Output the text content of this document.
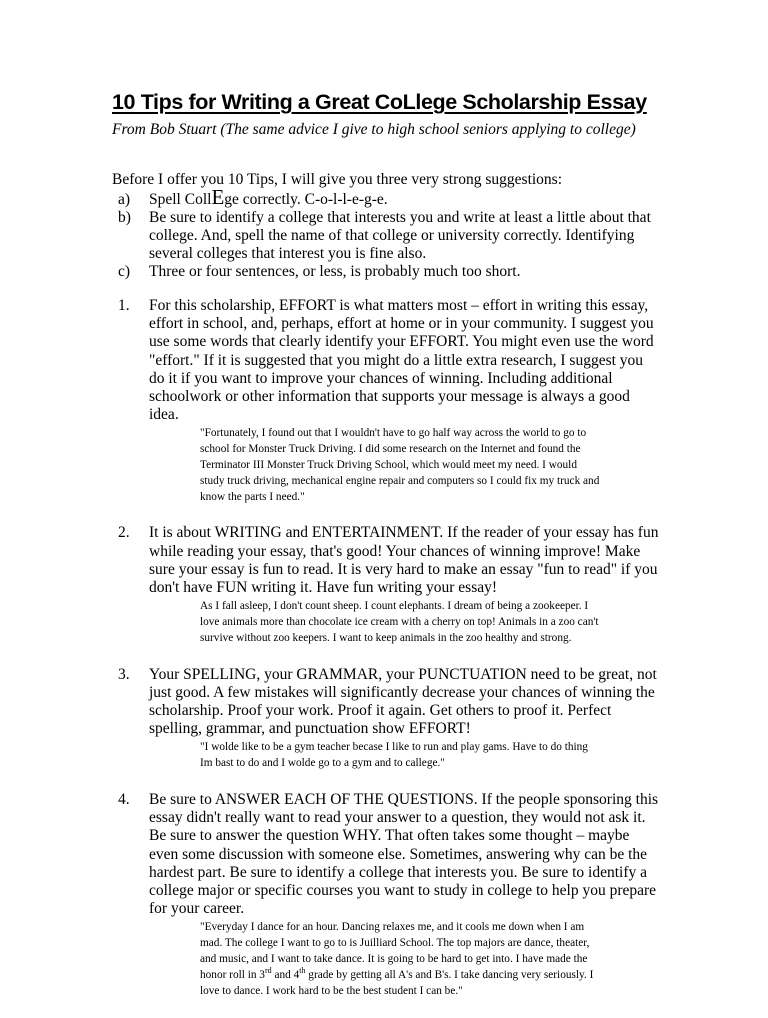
10 Tips for Writing a Great CoLlege Scholarship Essay

From Bob Stuart (The same advice I give to high school seniors applying to college)

Before I offer you 10 Tips, I will give you three very strong suggestions:

a)	Spell CollEge correctly. C-o-l-l-e-g-e.
b)	Be sure to identify a college that interests you and write at least a little about that college. And, spell the name of that college or university correctly. Identifying several colleges that interest you is fine also.
c)	Three or four sentences, or less, is probably much too short.
1. For this scholarship, EFFORT is what matters most – effort in writing this essay, effort in school, and, perhaps, effort at home or in your community. I suggest you use some words that clearly identify your EFFORT. You might even use the word "effort." If it is suggested that you might do a little extra research, I suggest you do it if you want to improve your chances of winning. Including additional schoolwork or other information that supports your message is always a good idea.
"Fortunately, I found out that I wouldn't have to go half way across the world to go to school for Monster Truck Driving. I did some research on the Internet and found the Terminator III Monster Truck Driving School, which would meet my need. I would study truck driving, mechanical engine repair and computers so I could fix my truck and know the parts I need."
2. It is about WRITING and ENTERTAINMENT. If the reader of your essay has fun while reading your essay, that's good! Your chances of winning improve! Make sure your essay is fun to read. It is very hard to make an essay "fun to read" if you don't have FUN writing it. Have fun writing your essay!
As I fall asleep, I don't count sheep. I count elephants. I dream of being a zookeeper. I love animals more than chocolate ice cream with a cherry on top! Animals in a zoo can't survive without zoo keepers. I want to keep animals in the zoo healthy and strong.
3. Your SPELLING, your GRAMMAR, your PUNCTUATION need to be great, not just good. A few mistakes will significantly decrease your chances of winning the scholarship. Proof your work. Proof it again. Get others to proof it. Perfect spelling, grammar, and punctuation show EFFORT!
"I wolde like to be a gym teacher becase I like to run and play gams. Have to do thing Im bast to do and I wolde go to a gym and to callege."
4. Be sure to ANSWER EACH OF THE QUESTIONS. If the people sponsoring this essay didn't really want to read your answer to a question, they would not ask it. Be sure to answer the question WHY. That often takes some thought – maybe even some discussion with someone else. Sometimes, answering why can be the hardest part. Be sure to identify a college that interests you. Be sure to identify a college major or specific courses you want to study in college to help you prepare for your career.
"Everyday I dance for an hour. Dancing relaxes me, and it cools me down when I am mad. The college I want to go to is Juilliard School. The top majors are dance, theater, and music, and I want to take dance. It is going to be hard to get into. I have made the honor roll in 3rd and 4th grade by getting all A's and B's. I take dancing very seriously. I love to dance. I work hard to be the best student I can be."
